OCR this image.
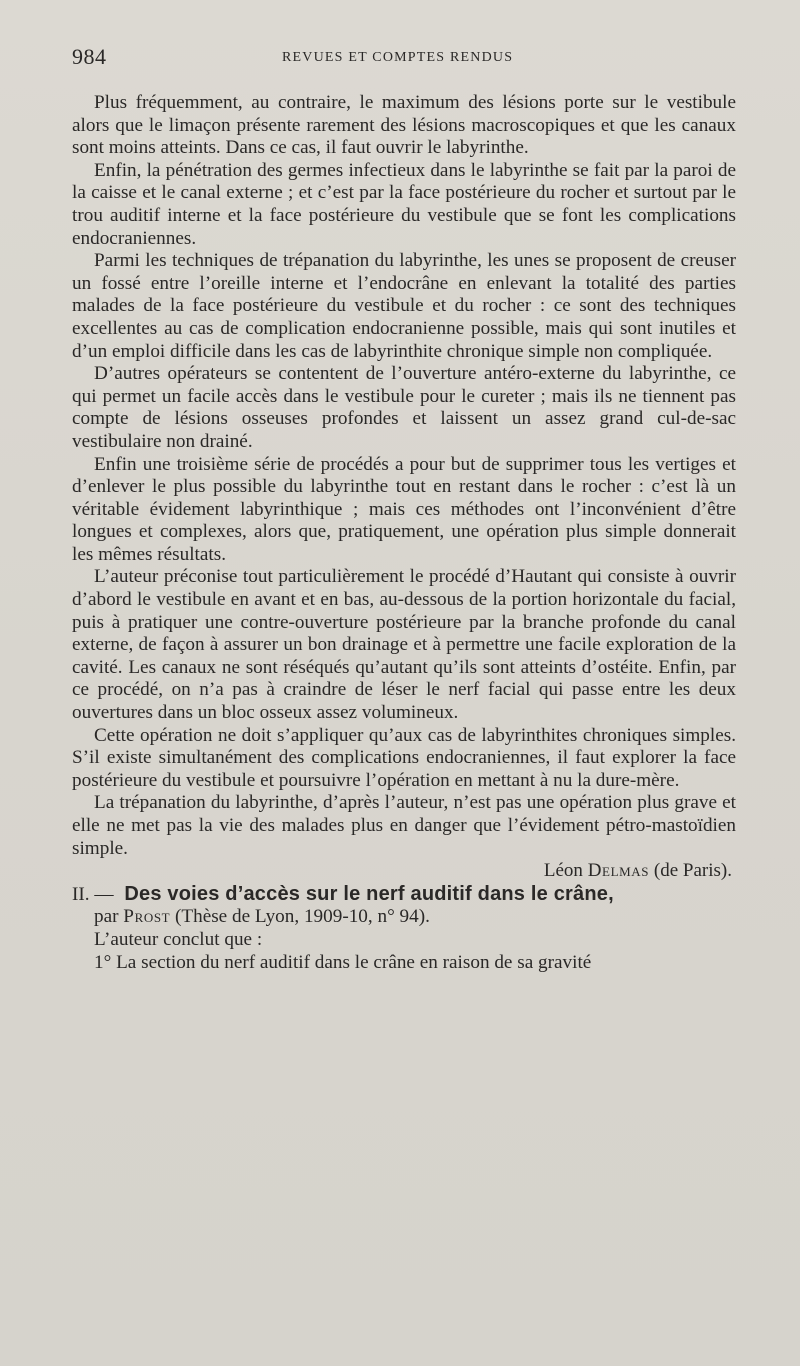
984	REVUES ET COMPTES RENDUS

Plus fréquemment, au contraire, le maximum des lésions porte sur le vestibule alors que le limaçon présente rarement des lésions macroscopiques et que les canaux sont moins atteints. Dans ce cas, il faut ouvrir le labyrinthe.

Enfin, la pénétration des germes infectieux dans le labyrinthe se fait par la paroi de la caisse et le canal externe ; et c’est par la face postérieure du rocher et surtout par le trou auditif interne et la face postérieure du vestibule que se font les complications endocraniennes.

Parmi les techniques de trépanation du labyrinthe, les unes se proposent de creuser un fossé entre l’oreille interne et l’endocrâne en enlevant la totalité des parties malades de la face postérieure du vestibule et du rocher : ce sont des techniques excellentes au cas de complication endocranienne possible, mais qui sont inutiles et d’un emploi difficile dans les cas de labyrinthite chronique simple non compliquée.

D’autres opérateurs se contentent de l’ouverture antéro-externe du labyrinthe, ce qui permet un facile accès dans le vestibule pour le cureter ; mais ils ne tiennent pas compte de lésions osseuses profondes et laissent un assez grand cul-de-sac vestibulaire non drainé.

Enfin une troisième série de procédés a pour but de supprimer tous les vertiges et d’enlever le plus possible du labyrinthe tout en restant dans le rocher : c’est là un véritable évidement labyrinthique ; mais ces méthodes ont l’inconvénient d’être longues et complexes, alors que, pratiquement, une opération plus simple donnerait les mêmes résultats.

L’auteur préconise tout particulièrement le procédé d’Hautant qui consiste à ouvrir d’abord le vestibule en avant et en bas, au-dessous de la portion horizontale du facial, puis à pratiquer une contre-ouverture postérieure par la branche profonde du canal externe, de façon à assurer un bon drainage et à permettre une facile exploration de la cavité. Les canaux ne sont réséqués qu’autant qu’ils sont atteints d’ostéite. Enfin, par ce procédé, on n’a pas à craindre de léser le nerf facial qui passe entre les deux ouvertures dans un bloc osseux assez volumineux.

Cette opération ne doit s’appliquer qu’aux cas de labyrinthites chroniques simples. S’il existe simultanément des complications endocraniennes, il faut explorer la face postérieure du vestibule et poursuivre l’opération en mettant à nu la dure-mère.

La trépanation du labyrinthe, d’après l’auteur, n’est pas une opération plus grave et elle ne met pas la vie des malades plus en danger que l’évidement pétro-mastoïdien simple.

Léon Delmas (de Paris).

II. — Des voies d’accès sur le nerf auditif dans le crâne,

par Prost (Thèse de Lyon, 1909-10, n° 94).

L’auteur conclut que :

1° La section du nerf auditif dans le crâne en raison de sa gravité
